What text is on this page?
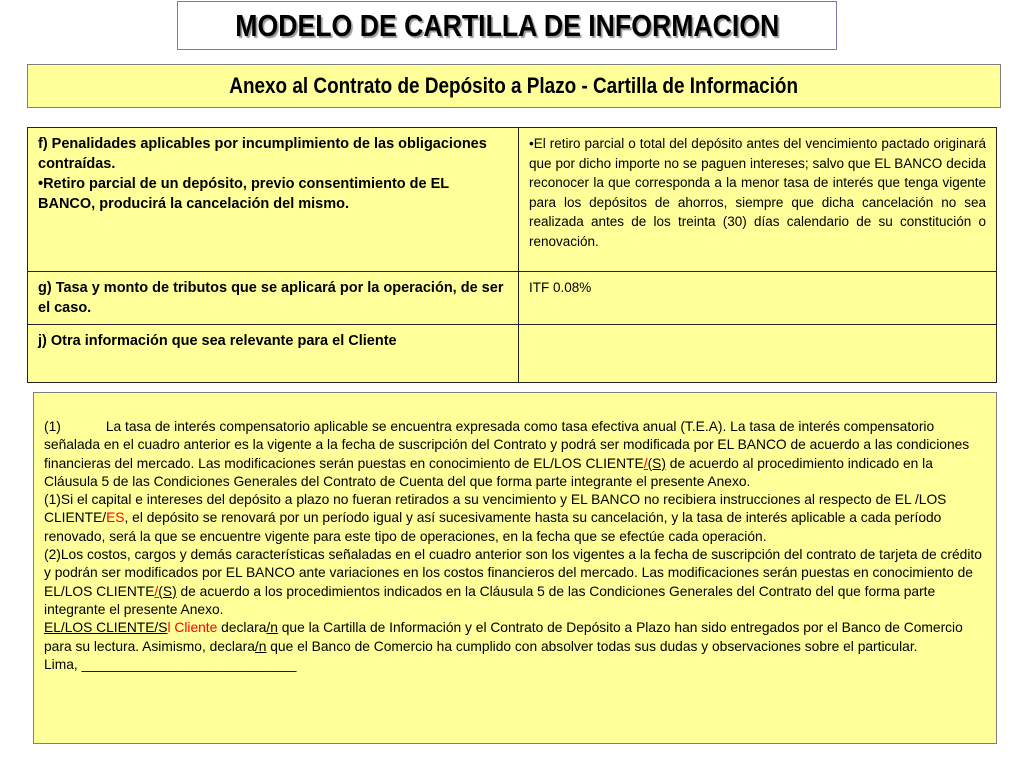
MODELO DE CARTILLA DE INFORMACION
Anexo al Contrato de Depósito a Plazo - Cartilla de Información
f) Penalidades aplicables por incumplimiento de las obligaciones contraídas.
•Retiro parcial de un depósito, previo consentimiento de EL BANCO, producirá la cancelación del mismo.	•El retiro parcial o total del depósito antes del vencimiento pactado originará que por dicho importe no se paguen intereses; salvo que EL BANCO decida reconocer la que corresponda a la menor tasa de interés que tenga vigente para los depósitos de ahorros, siempre que dicha cancelación no sea realizada antes de los treinta (30) días calendario de su constitución o renovación.
g) Tasa y monto de tributos que se aplicará por la operación, de ser el caso.	ITF 0.08%
j) Otra información que sea relevante para el Cliente	

(1)	La tasa de interés compensatorio aplicable se encuentra expresada como tasa efectiva anual (T.E.A). La tasa de interés compensatorio señalada en el cuadro anterior es la vigente a la fecha de suscripción del Contrato y podrá ser modificada por EL BANCO de acuerdo a las condiciones financieras del mercado. Las modificaciones serán puestas en conocimiento de EL/LOS CLIENTE/(S) de acuerdo al procedimiento indicado en la Cláusula 5 de las Condiciones Generales del Contrato de Cuenta del que forma parte integrante el presente Anexo.

(1)Si el capital e intereses del depósito a plazo no fueran retirados a su vencimiento y EL BANCO no recibiera instrucciones al respecto de EL /LOS CLIENTE/ES, el depósito se renovará por un período igual y así sucesivamente hasta su cancelación, y la tasa de interés aplicable a cada período renovado, será la que se encuentre vigente para este tipo de operaciones, en la fecha que se efectúe cada operación.

(2)Los costos, cargos y demás características señaladas en el cuadro anterior son los vigentes a la fecha de suscripción del contrato de tarjeta de crédito y podrán ser modificados por EL BANCO ante variaciones en los costos financieros del mercado. Las modificaciones serán puestas en conocimiento de EL/LOS CLIENTE/(S) de acuerdo a los procedimientos indicados en la Cláusula 5 de las Condiciones Generales del Contrato del que forma parte integrante el presente Anexo.

EL/LOS CLIENTE/Sl Cliente declara/n que la Cartilla de Información y el Contrato de Depósito a Plazo han sido entregados por el Banco de Comercio para su lectura. Asimismo, declara/n que el Banco de Comercio ha cumplido con absolver todas sus dudas y observaciones sobre el particular.

Lima, ____________________________
